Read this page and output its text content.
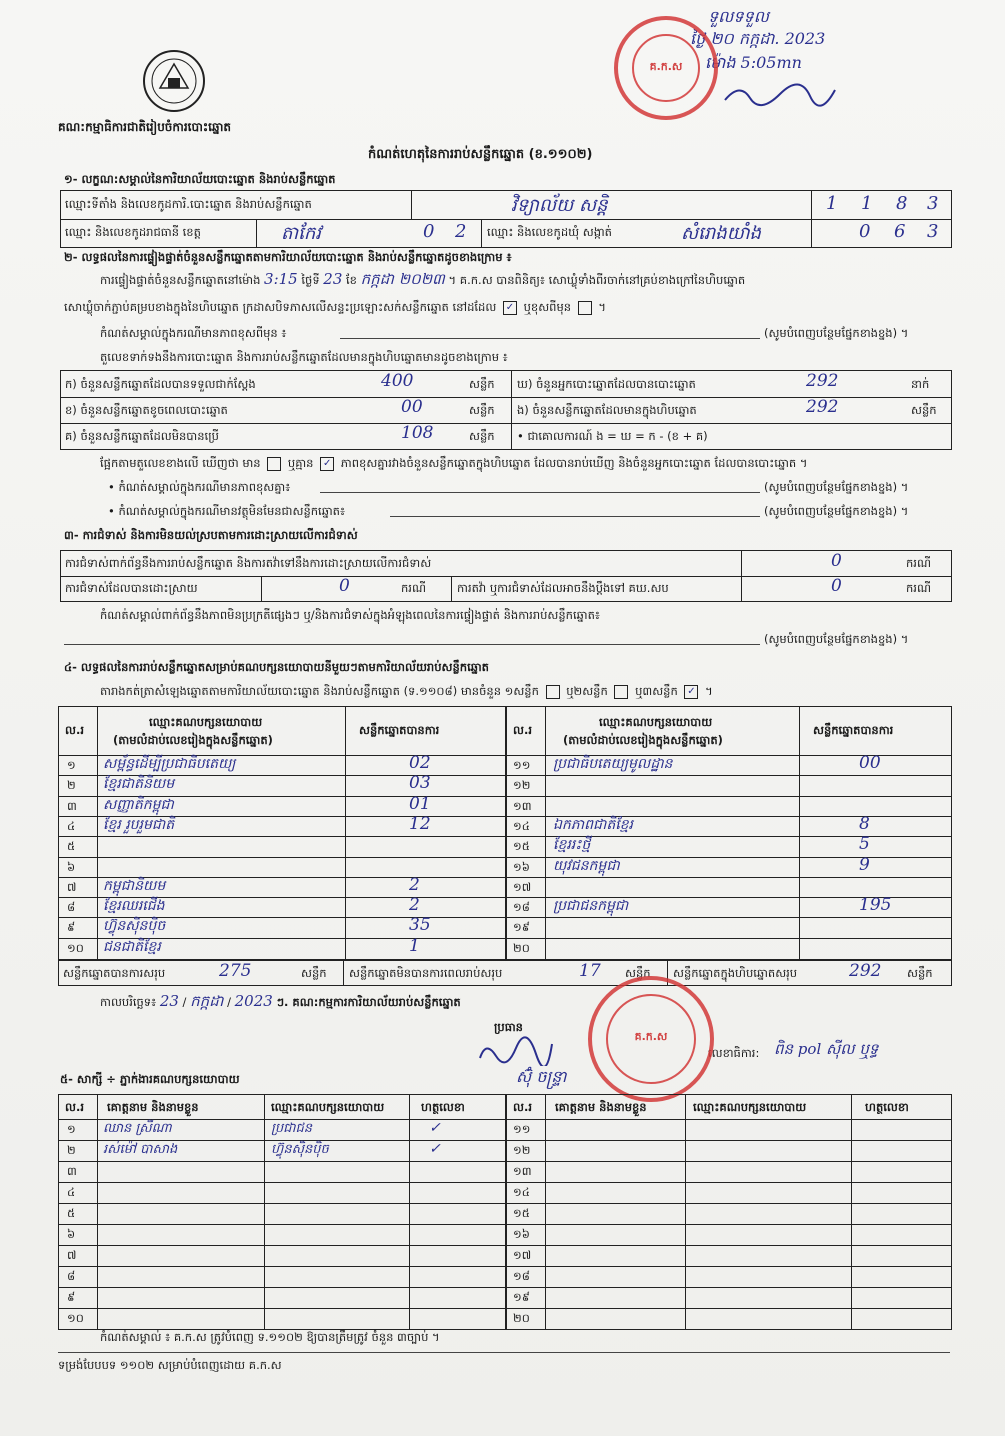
គណ:កម្មាធិការជាតិរៀបចំការបោះឆ្នោត
ទួលទទួល
ថ្ងៃ ២០ កក្កដា. 2023
ម៉ោង 5:05mn
គ.ក.ស
កំណត់ហេតុនៃការរាប់សន្លឹកឆ្នោត (ខ.១១០២)
១- លក្ខណ:សម្គាល់នៃការិយាល័យបោះឆ្នោត និងរាប់សន្លឹកឆ្នោត
ឈ្មោះទីតាំង និងលេខកូដការិ.បោះឆ្នោត និងរាប់សន្លឹកឆ្នោត	វិទ្យាល័យ សន្ដិ	1 1 8 3
ឈ្មោះ និងលេខកូដរាជធានី ខេត្ត	តាកែវ	0 2 ឈ្មោះ និងលេខកូដឃុំ សង្កាត់	សំរោងយាំង	0 6 3
២- លទ្ធផលនៃការផ្ទៀងផ្ទាត់ចំនួនសន្លឹកឆ្នោតតាមការិយាល័យបោះឆ្នោត និងរាប់សន្លឹកឆ្នោតដូចខាងក្រោម ៖
ការផ្ទៀងផ្ទាត់ចំនួនសន្លឹកឆ្នោតនៅម៉ោង 3:15 ថ្ងៃទី 23 ខែ កក្កដា ២០២៣ ។ គ.ក.ស បានពិនិត្យ៖ សោឃ្លុំទាំងពីរចាក់នៅគ្រប់ខាងក្រៅនៃហិបឆ្នោត
សោឃ្លុំចាក់ភ្ជាប់គម្របខាងក្នុងនៃហិបឆ្នោត ក្រដាសបិទភាសលើសន្ទះប្រឡោះសក់សន្លឹកឆ្នោត នៅដដែល ✓ ឬខុសពីមុន  ។
កំណត់សម្គាល់ក្នុងករណីមានភាពខុសពីមុន ៖	(សូមបំពេញបន្ថែមផ្នែកខាងខ្នង) ។
តួលេខទាក់ទងនឹងការបោះឆ្នោត និងការរាប់សន្លឹកឆ្នោតដែលមានក្នុងហិបឆ្នោតមានដូចខាងក្រោម ៖
ក) ចំនួនសន្លឹកឆ្នោតដែលបានទទួលជាក់ស្តែង	400	សន្លឹក ឃ) ចំនួនអ្នកបោះឆ្នោតដែលបានបោះឆ្នោត	292	នាក់
ខ) ចំនួនសន្លឹកឆ្នោតខូចពេលបោះឆ្នោត	00	សន្លឹក ង) ចំនួនសន្លឹកឆ្នោតដែលមានក្នុងហិបឆ្នោត	292	សន្លឹក
គ) ចំនួនសន្លឹកឆ្នោតដែលមិនបានប្រើ	108	សន្លឹក • ជាគោលការណ៍ ង = ឃ = ក - (ខ + គ)
ផ្អែកតាមតួលេខខាងលើ ឃើញថា មាន ឬគ្មាន ✓ ភាពខុសគ្នារវាងចំនួនសន្លឹកឆ្នោតក្នុងហិបឆ្នោត ដែលបានរាប់ឃើញ និងចំនួនអ្នកបោះឆ្នោត ដែលបានបោះឆ្នោត ។
• កំណត់សម្គាល់ក្នុងករណីមានភាពខុសគ្នា៖	(សូមបំពេញបន្ថែមផ្នែកខាងខ្នង) ។
• កំណត់សម្គាល់ក្នុងករណីមានវត្ថុមិនមែនជាសន្លឹកឆ្នោត៖	(សូមបំពេញបន្ថែមផ្នែកខាងខ្នង) ។
៣- ការជំទាស់ និងការមិនយល់ស្របតាមការដោះស្រាយលើការជំទាស់
ការជំទាស់ពាក់ព័ន្ធនឹងការរាប់សន្លឹកឆ្នោត និងការតវ៉ាទៅនឹងការដោះស្រាយលើការជំទាស់	0	ករណី
ការជំទាស់ដែលបានដោះស្រាយ	0	ករណី	ការតវ៉ា ឬការជំទាស់ដែលអាចនឹងប្តឹងទៅ គឃ.សប	0	ករណី
កំណត់សម្គាល់ពាក់ព័ន្ធនឹងភាពមិនប្រក្រតីផ្សេងៗ ឬ/និងការជំទាស់ក្នុងអំឡុងពេលនៃការផ្ទៀងផ្ទាត់ និងការរាប់សន្លឹកឆ្នោត៖
(សូមបំពេញបន្ថែមផ្នែកខាងខ្នង) ។
៤- លទ្ធផលនៃការរាប់សន្លឹកឆ្នោតសម្រាប់គណបក្សនយោបាយនីមួយៗតាមការិយាល័យរាប់សន្លឹកឆ្នោត
តារាងកត់ត្រាសំឡេងឆ្នោតតាមការិយាល័យបោះឆ្នោត និងរាប់សន្លឹកឆ្នោត (ទ.១១០៨) មានចំនួន ១សន្លឹក ឬ២សន្លឹក ឬ៣សន្លឹក ✓ ។
ល.រ
ឈ្មោះគណបក្សនយោបាយ
(តាមលំដាប់លេខរៀងក្នុងសន្លឹកឆ្នោត)
សន្លឹកឆ្នោតបានការ	ល.រ
ឈ្មោះគណបក្សនយោបាយ
(តាមលំដាប់លេខរៀងក្នុងសន្លឹកឆ្នោត)
សន្លឹកឆ្នោតបានការ
១ សម្ព័ន្ធដើម្បីប្រជាធិបតេយ្យ	02	១១ ប្រជាធិបតេយ្យមូលដ្ឋាន	00
២ ខ្មែរជាតិនិយម	03	១២
៣ សញ្ញាតិកម្ពុជា	01	១៣
៤ ខ្មែរ រួបរួមជាតិ	12	១៤ ឯកភាពជាតិខ្មែរ	8
៥	១៥ ខ្មែររះថ្មី	5
៦	១៦ យុវជនកម្ពុជា	9
៧ កម្ពុជានិយម	2	១៧
៨ ខ្មែរឈរជើង	2	១៨ ប្រជាជនកម្ពុជា	195
៩ ហ៊្វុនស៊ិនប៉ិច	35	១៩
១០ ជនជាតិខ្មែរ	1	២០
សន្លឹកឆ្នោតបានការសរុប	275	សន្លឹក សន្លឹកឆ្នោតមិនបានការពេលរាប់សរុប	17 សន្លឹក សន្លឹកឆ្នោតក្នុងហិបឆ្នោតសរុប	292 សន្លឹក
កាលបរិច្ឆេទ៖ 23 / កក្កដា / 2023 ៗ. គណ:កម្មការការិយាល័យរាប់សន្លឹកឆ្នោត
ប្រធាន
ស៊ុំ ចន្ទ្រា
លេខាធិការ: ពិន pol ស៊ីល ឬទ្ធ
គ.ក.ស
៥- សាក្សី ÷ ភ្នាក់ងារគណបក្សនយោបាយ
ល.រ គោត្តនាម និងនាមខ្លួន	ឈ្មោះគណបក្សនយោបាយ	ហត្ថលេខា	ល.រ គោត្តនាម និងនាមខ្លួន	ឈ្មោះគណបក្សនយោបាយ	ហត្ថលេខា
១ ឈាន ស្រីណា	ប្រជាជន	✓	១១
២ រស់ម៉ៅ បាសាង	ហ៊្វុនស៊ិនប៉ិច	✓	១២
៣	១៣
៤	១៤
៥	១៥
៦	១៦
៧	១៧
៨	១៨
៩	១៩
១០	២០
កំណត់សម្គាល់ ៖ គ.ក.ស ត្រូវបំពេញ ទ.១១០២ ឱ្យបានត្រឹមត្រូវ ចំនួន ៣ច្បាប់ ។
ទម្រង់បែបបទ ១១០២ សម្រាប់បំពេញដោយ គ.ក.ស
